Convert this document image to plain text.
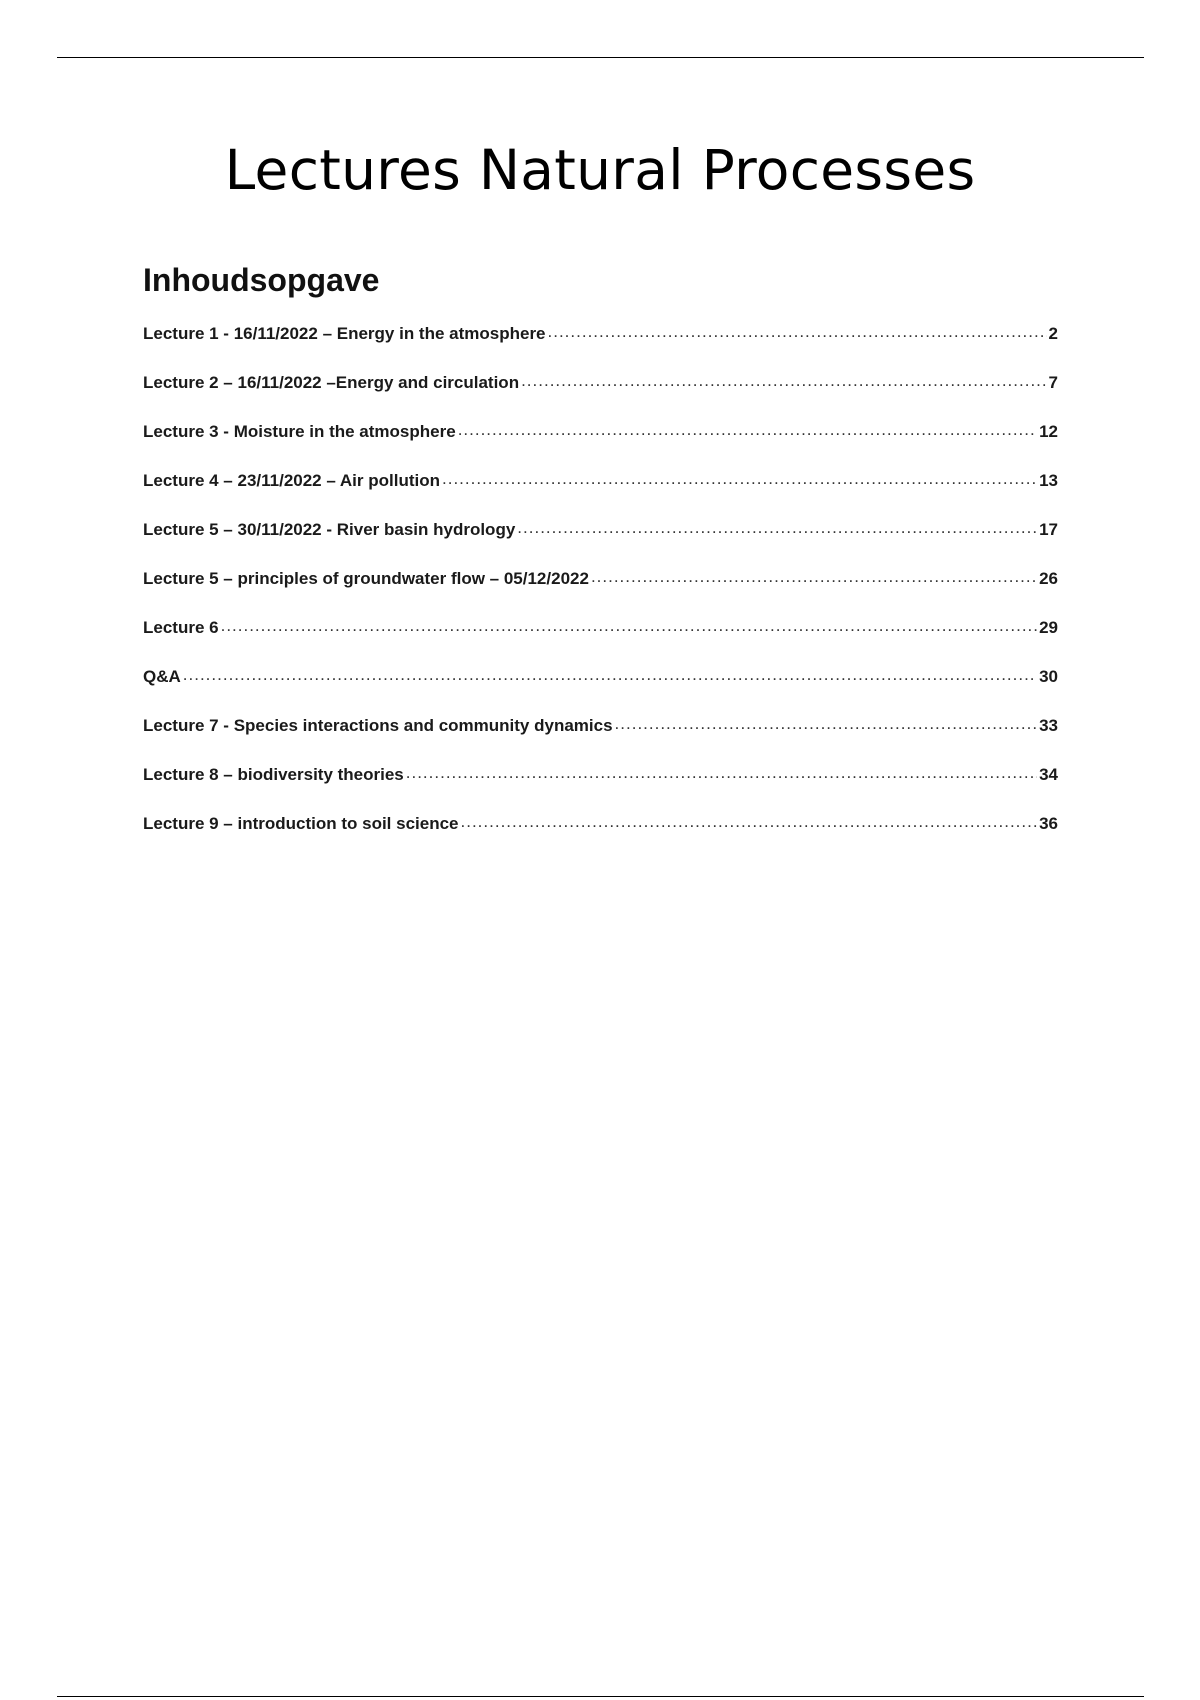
Lectures Natural Processes
Inhoudsopgave
Lecture 1 - 16/11/2022 – Energy in the atmosphere .....	2
Lecture 2 – 16/11/2022 –Energy and circulation .....	7
Lecture 3 - Moisture in the atmosphere .....	12
Lecture 4 – 23/11/2022 – Air pollution .....	13
Lecture 5 – 30/11/2022 - River basin hydrology .....	17
Lecture 5 – principles of groundwater flow – 05/12/2022 .....	26
Lecture 6 .....	29
Q&A .....	30
Lecture 7 - Species interactions and community dynamics .....	33
Lecture 8 – biodiversity theories .....	34
Lecture 9 – introduction to soil science .....	36
